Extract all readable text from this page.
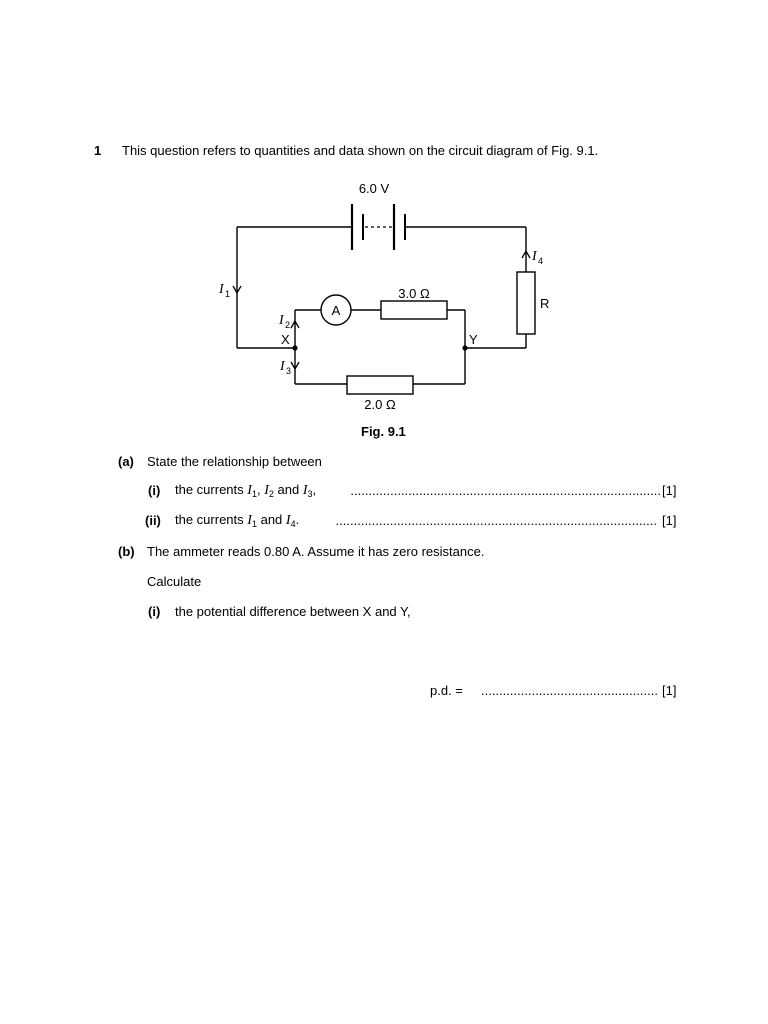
1 This question refers to quantities and data shown on the circuit diagram of Fig. 9.1.
6.0 V
A
3.0 Ω
2.0 Ω
R
X	Y
I 1
I 2
I 3
I 4
Fig. 9.1
(a) State the relationship between
(i) the currents $I_1$, $I_2$ and $I_3$,	...................................................................................... [1]
(ii) the currents $I_1$ and $I_4$.	......................................................................................... [1]
(b) The ammeter reads 0.80 A. Assume it has zero resistance.
Calculate
(i) the potential difference between X and Y,
p.d. =	................................................. [1]
